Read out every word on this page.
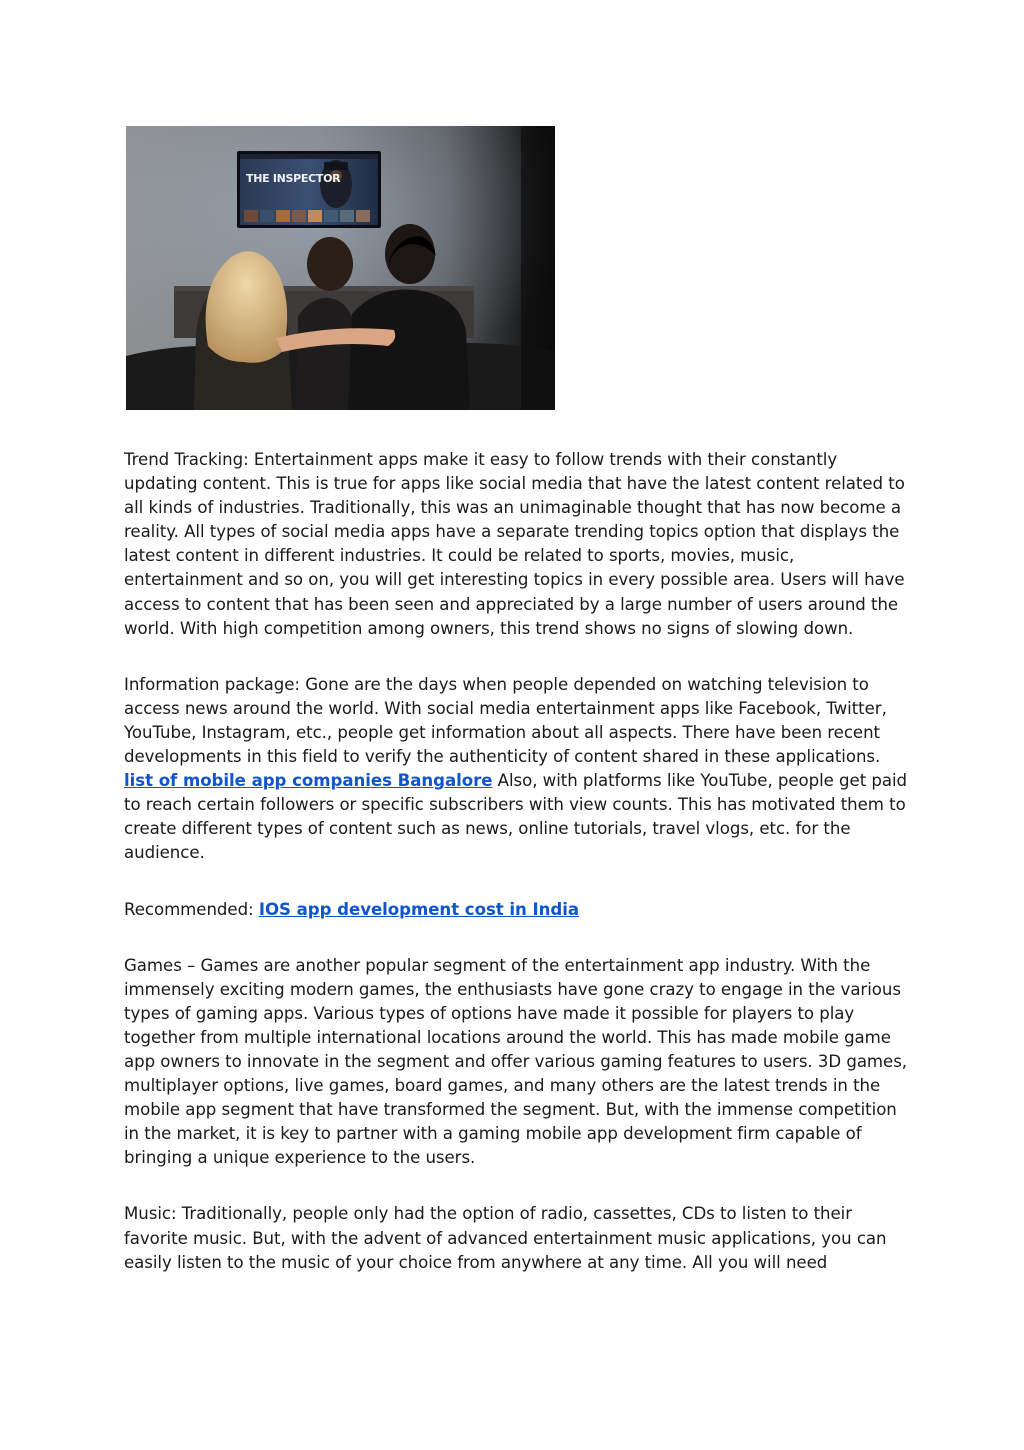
THE INSPECTOR

Trend Tracking: Entertainment apps make it easy to follow trends with their constantly updating content. This is true for apps like social media that have the latest content related to all kinds of industries. Traditionally, this was an unimaginable thought that has now become a reality. All types of social media apps have a separate trending topics option that displays the latest content in different industries. It could be related to sports, movies, music, entertainment and so on, you will get interesting topics in every possible area. Users will have access to content that has been seen and appreciated by a large number of users around the world. With high competition among owners, this trend shows no signs of slowing down.

Information package: Gone are the days when people depended on watching television to access news around the world. With social media entertainment apps like Facebook, Twitter, YouTube, Instagram, etc., people get information about all aspects. There have been recent developments in this field to verify the authenticity of content shared in these applications. list of mobile app companies Bangalore Also, with platforms like YouTube, people get paid to reach certain followers or specific subscribers with view counts. This has motivated them to create different types of content such as news, online tutorials, travel vlogs, etc. for the audience.

Recommended: IOS app development cost in India

Games – Games are another popular segment of the entertainment app industry. With the immensely exciting modern games, the enthusiasts have gone crazy to engage in the various types of gaming apps. Various types of options have made it possible for players to play together from multiple international locations around the world. This has made mobile game app owners to innovate in the segment and offer various gaming features to users. 3D games, multiplayer options, live games, board games, and many others are the latest trends in the mobile app segment that have transformed the segment. But, with the immense competition in the market, it is key to partner with a gaming mobile app development firm capable of bringing a unique experience to the users.

Music: Traditionally, people only had the option of radio, cassettes, CDs to listen to their favorite music. But, with the advent of advanced entertainment music applications, you can easily listen to the music of your choice from anywhere at any time. All you will need
